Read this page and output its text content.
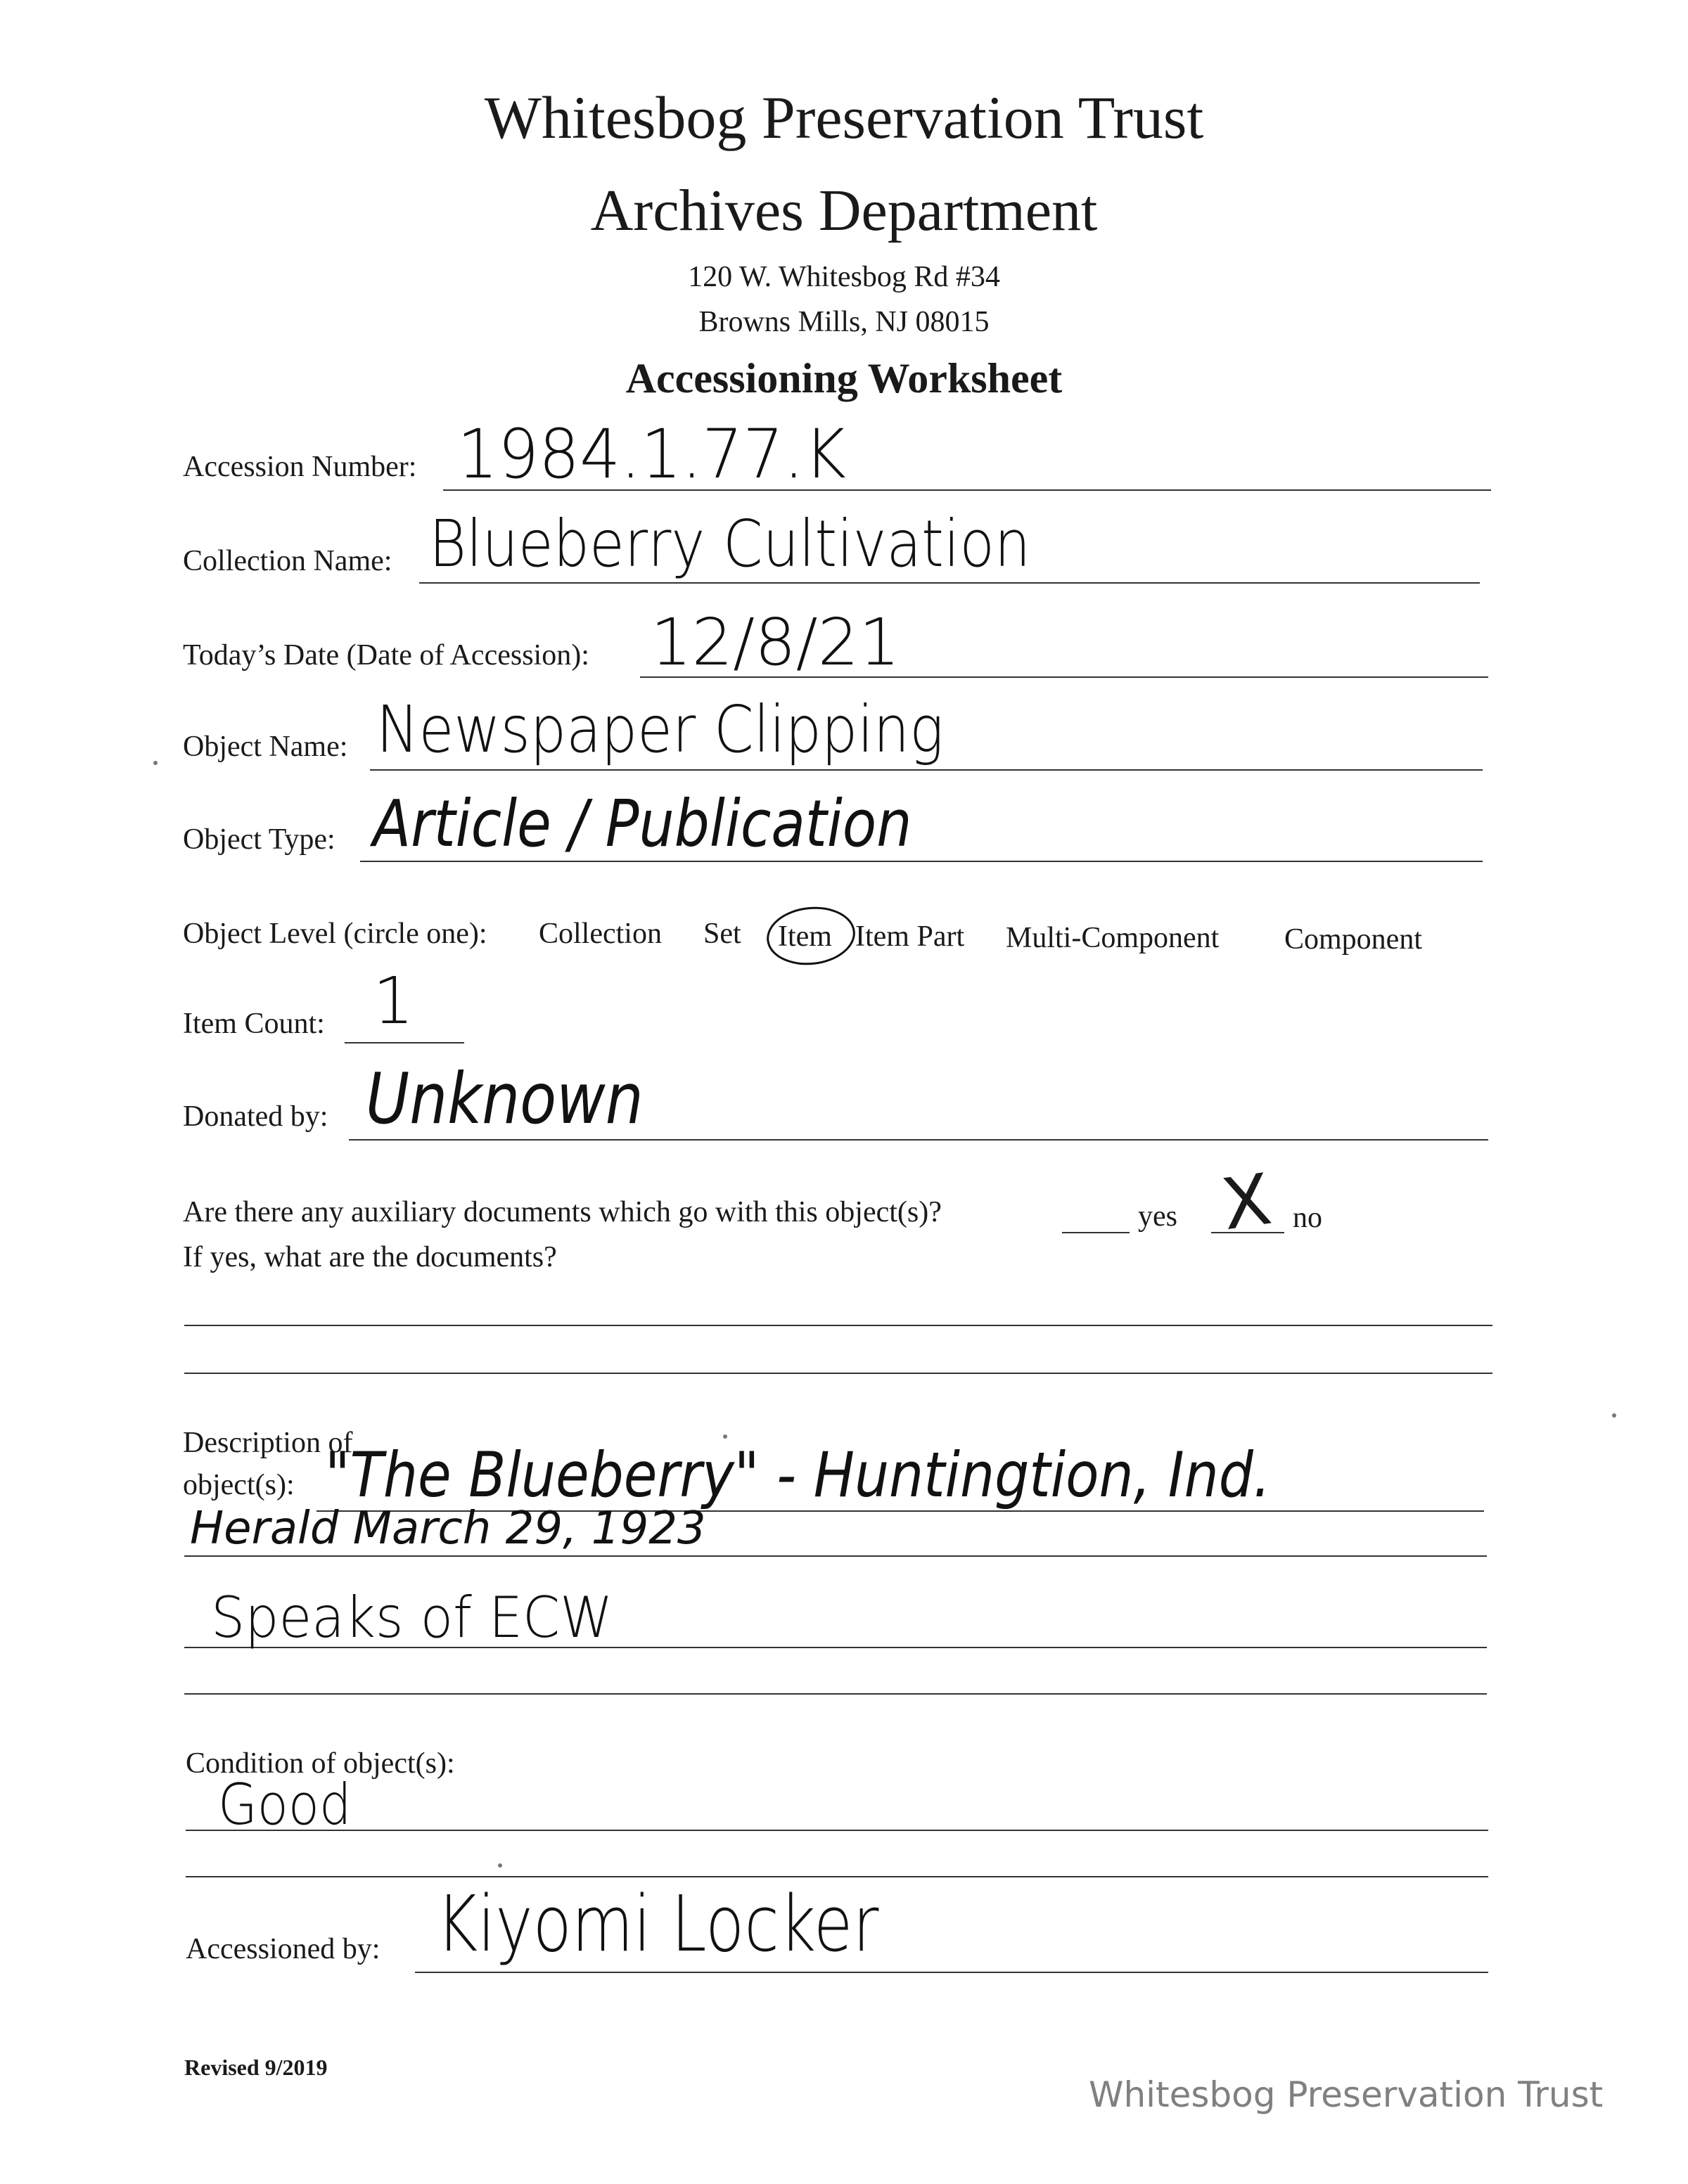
Whitesbog Preservation Trust
Archives Department
120 W. Whitesbog Rd #34
Browns Mills, NJ 08015
Accessioning Worksheet
Accession Number: 1984.1.77.K
Collection Name: Blueberry Cultivation
Today’s Date (Date of Accession): 12/8/21
Object Name: Newspaper Clipping
Object Type: Article / Publication
Object Level (circle one): Collection Set Item Item Part Multi-Component Component
Item Count: 1
Donated by: Unknown
Are there any auxiliary documents which go with this object(s)?	yes X no
If yes, what are the documents?
Description of
object(s): "The Blueberry" - Huntingtion, Ind.
Herald March 29, 1923
Speaks of ECW
Condition of object(s):
Good
Accessioned by: Kiyomi Locker
Revised 9/2019
Whitesbog Preservation Trust
